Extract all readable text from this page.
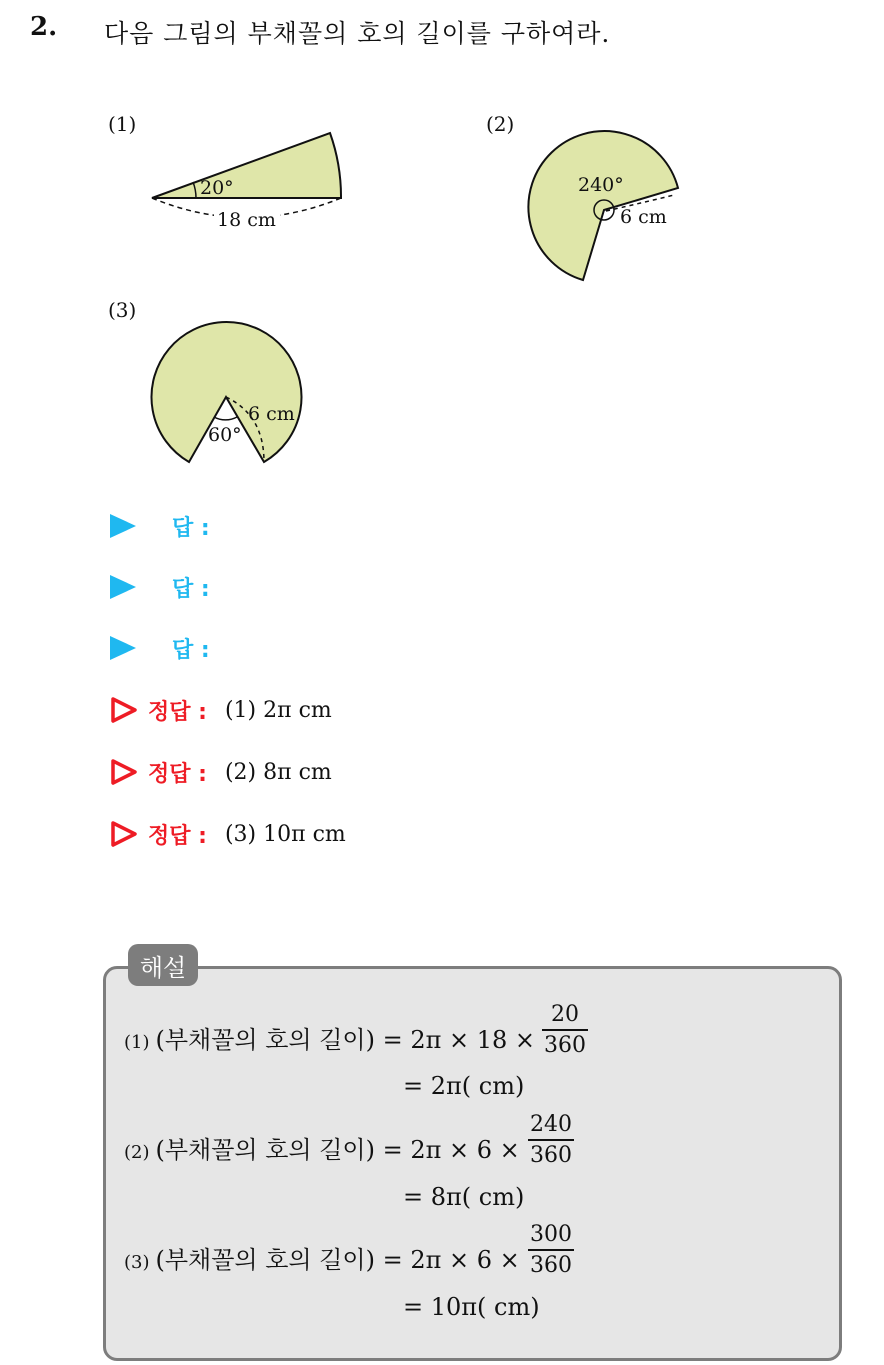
2. 다음 그림의 부채꼴의 호의 길이를 구하여라.
(1)
20°
18 cm
(2)
240°
6 cm
(3)
60°
6 cm
답 :
답 :
답 :
정답 : (1) 2π cm
정답 : (2) 8π cm
정답 : (3) 10π cm
해설
(1) (부채꼴의 호의 길이) = $2\pi \times 18 \times \frac{20}{360}$
= 2π( cm)
(2) (부채꼴의 호의 길이) = $2\pi \times 6 \times \frac{240}{360}$
= 8π( cm)
(3) (부채꼴의 호의 길이) = $2\pi \times 6 \times \frac{300}{360}$
= 10π( cm)
